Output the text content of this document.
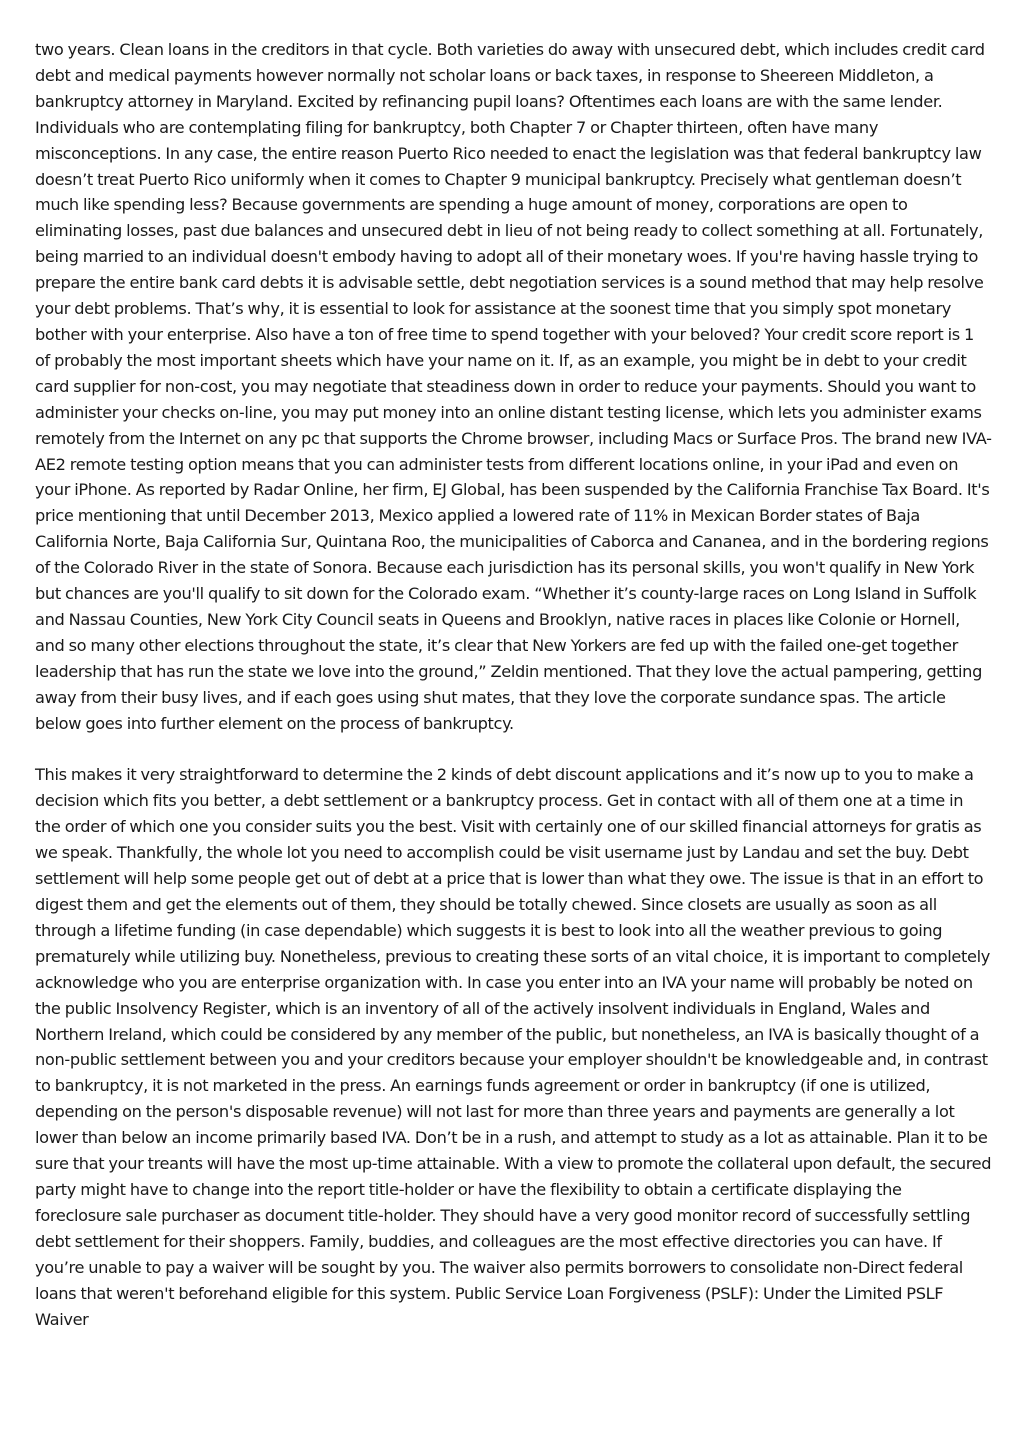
two years. Clean loans in the creditors in that cycle. Both varieties do away with unsecured debt, which includes credit card debt and medical payments however normally not scholar loans or back taxes, in response to Sheereen Middleton, a bankruptcy attorney in Maryland. Excited by refinancing pupil loans? Oftentimes each loans are with the same lender. Individuals who are contemplating filing for bankruptcy, both Chapter 7 or Chapter thirteen, often have many misconceptions. In any case, the entire reason Puerto Rico needed to enact the legislation was that federal bankruptcy law doesn’t treat Puerto Rico uniformly when it comes to Chapter 9 municipal bankruptcy. Precisely what gentleman doesn’t much like spending less? Because governments are spending a huge amount of money, corporations are open to eliminating losses, past due balances and unsecured debt in lieu of not being ready to collect something at all. Fortunately, being married to an individual doesn't embody having to adopt all of their monetary woes. If you're having hassle trying to prepare the entire bank card debts it is advisable settle, debt negotiation services is a sound method that may help resolve your debt problems. That’s why, it is essential to look for assistance at the soonest time that you simply spot monetary bother with your enterprise. Also have a ton of free time to spend together with your beloved? Your credit score report is 1 of probably the most important sheets which have your name on it. If, as an example, you might be in debt to your credit card supplier for non-cost, you may negotiate that steadiness down in order to reduce your payments. Should you want to administer your checks on-line, you may put money into an online distant testing license, which lets you administer exams remotely from the Internet on any pc that supports the Chrome browser, including Macs or Surface Pros. The brand new IVA-AE2 remote testing option means that you can administer tests from different locations online, in your iPad and even on your iPhone. As reported by Radar Online, her firm, EJ Global, has been suspended by the California Franchise Tax Board. It's price mentioning that until December 2013, Mexico applied a lowered rate of 11% in Mexican Border states of Baja California Norte, Baja California Sur, Quintana Roo, the municipalities of Caborca and Cananea, and in the bordering regions of the Colorado River in the state of Sonora. Because each jurisdiction has its personal skills, you won't qualify in New York but chances are you'll qualify to sit down for the Colorado exam. “Whether it’s county-large races on Long Island in Suffolk and Nassau Counties, New York City Council seats in Queens and Brooklyn, native races in places like Colonie or Hornell, and so many other elections throughout the state, it’s clear that New Yorkers are fed up with the failed one-get together leadership that has run the state we love into the ground,” Zeldin mentioned. That they love the actual pampering, getting away from their busy lives, and if each goes using shut mates, that they love the corporate sundance spas. The article below goes into further element on the process of bankruptcy.

This makes it very straightforward to determine the 2 kinds of debt discount applications and it’s now up to you to make a decision which fits you better, a debt settlement or a bankruptcy process. Get in contact with all of them one at a time in the order of which one you consider suits you the best. Visit with certainly one of our skilled financial attorneys for gratis as we speak. Thankfully, the whole lot you need to accomplish could be visit username just by Landau and set the buy. Debt settlement will help some people get out of debt at a price that is lower than what they owe. The issue is that in an effort to digest them and get the elements out of them, they should be totally chewed. Since closets are usually as soon as all through a lifetime funding (in case dependable) which suggests it is best to look into all the weather previous to going prematurely while utilizing buy. Nonetheless, previous to creating these sorts of an vital choice, it is important to completely acknowledge who you are enterprise organization with. In case you enter into an IVA your name will probably be noted on the public Insolvency Register, which is an inventory of all of the actively insolvent individuals in England, Wales and Northern Ireland, which could be considered by any member of the public, but nonetheless, an IVA is basically thought of a non-public settlement between you and your creditors because your employer shouldn't be knowledgeable and, in contrast to bankruptcy, it is not marketed in the press. An earnings funds agreement or order in bankruptcy (if one is utilized, depending on the person's disposable revenue) will not last for more than three years and payments are generally a lot lower than below an income primarily based IVA. Don’t be in a rush, and attempt to study as a lot as attainable. Plan it to be sure that your treants will have the most up-time attainable. With a view to promote the collateral upon default, the secured party might have to change into the report title-holder or have the flexibility to obtain a certificate displaying the foreclosure sale purchaser as document title-holder. They should have a very good monitor record of successfully settling debt settlement for their shoppers. Family, buddies, and colleagues are the most effective directories you can have. If you’re unable to pay a waiver will be sought by you. The waiver also permits borrowers to consolidate non-Direct federal loans that weren't beforehand eligible for this system. Public Service Loan Forgiveness (PSLF): Under the Limited PSLF Waiver
